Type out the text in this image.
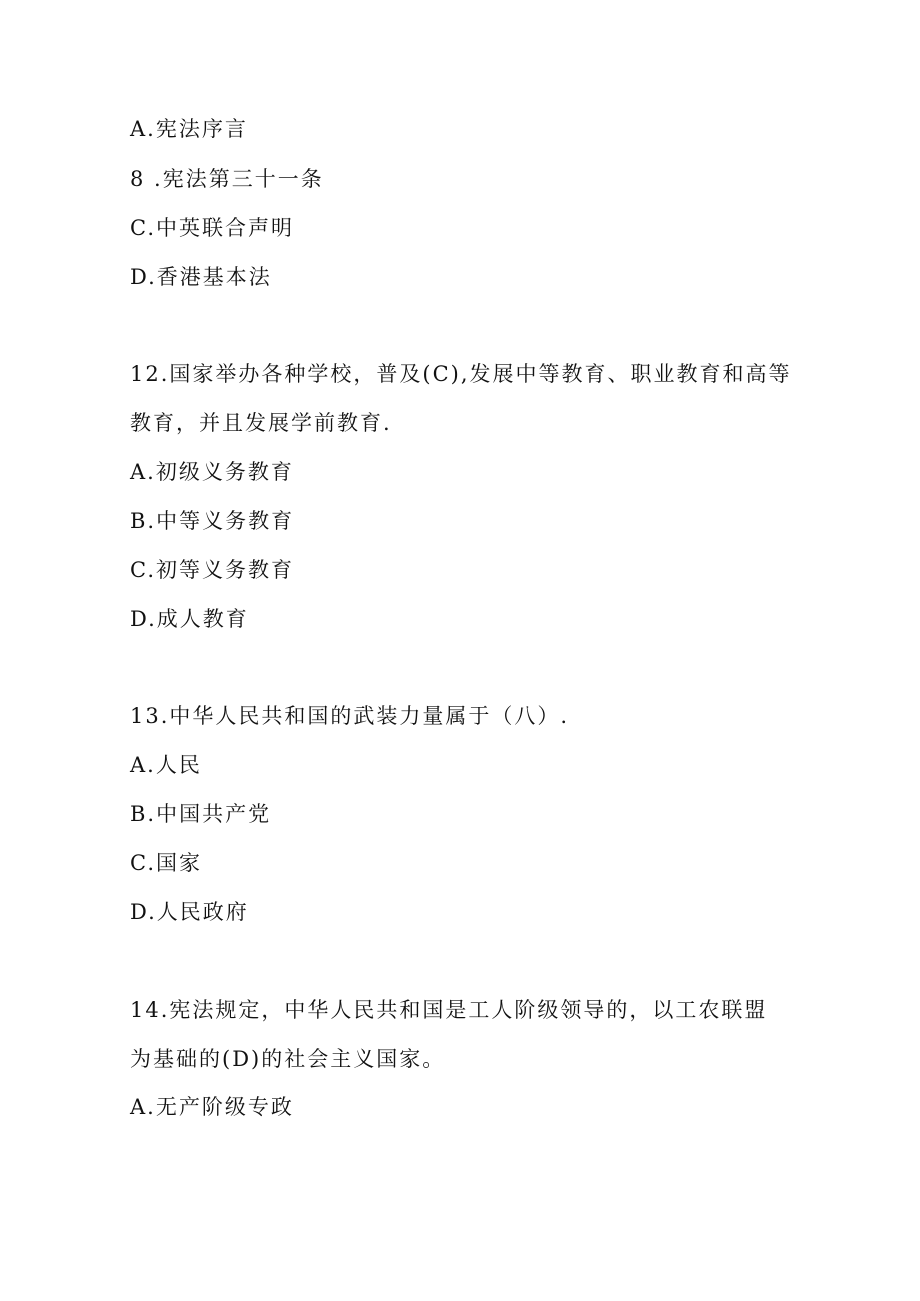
A.宪法序言
8 .宪法第三十一条
C.中英联合声明
D.香港基本法
12.国家举办各种学校，普及(C),发展中等教育、职业教育和高等
教育，并且发展学前教育.
A.初级义务教育
B.中等义务教育
C.初等义务教育
D.成人教育
13.中华人民共和国的武装力量属于（八）.
A.人民
B.中国共产党
C.国家
D.人民政府
14.宪法规定，中华人民共和国是工人阶级领导的，以工农联盟
为基础的(D)的社会主义国家。
A.无产阶级专政
